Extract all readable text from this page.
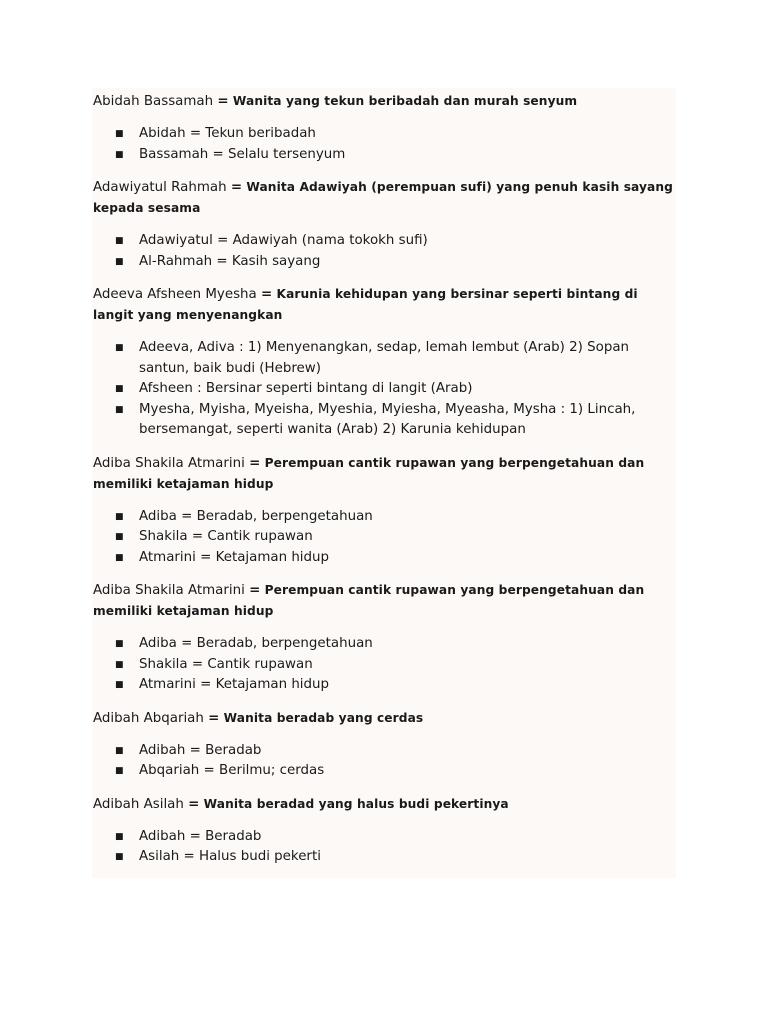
Abidah Bassamah = Wanita yang tekun beribadah dan murah senyum

■ Abidah = Tekun beribadah
■ Bassamah = Selalu tersenyum

Adawiyatul Rahmah = Wanita Adawiyah (perempuan sufi) yang penuh kasih sayang kepada sesama

■ Adawiyatul = Adawiyah (nama tokokh sufi)
■ Al-Rahmah = Kasih sayang

Adeeva Afsheen Myesha = Karunia kehidupan yang bersinar seperti bintang di langit yang menyenangkan

■ Adeeva, Adiva : 1) Menyenangkan, sedap, lemah lembut (Arab) 2) Sopan santun, baik budi (Hebrew)
■ Afsheen : Bersinar seperti bintang di langit (Arab)
■ Myesha, Myisha, Myeisha, Myeshia, Myiesha, Myeasha, Mysha : 1) Lincah, bersemangat, seperti wanita (Arab) 2) Karunia kehidupan

Adiba Shakila Atmarini = Perempuan cantik rupawan yang berpengetahuan dan memiliki ketajaman hidup

■ Adiba = Beradab, berpengetahuan
■ Shakila = Cantik rupawan
■ Atmarini = Ketajaman hidup

Adiba Shakila Atmarini = Perempuan cantik rupawan yang berpengetahuan dan memiliki ketajaman hidup

■ Adiba = Beradab, berpengetahuan
■ Shakila = Cantik rupawan
■ Atmarini = Ketajaman hidup

Adibah Abqariah = Wanita beradab yang cerdas

■ Adibah = Beradab
■ Abqariah = Berilmu; cerdas

Adibah Asilah = Wanita beradad yang halus budi pekertinya

■ Adibah = Beradab
■ Asilah = Halus budi pekerti
